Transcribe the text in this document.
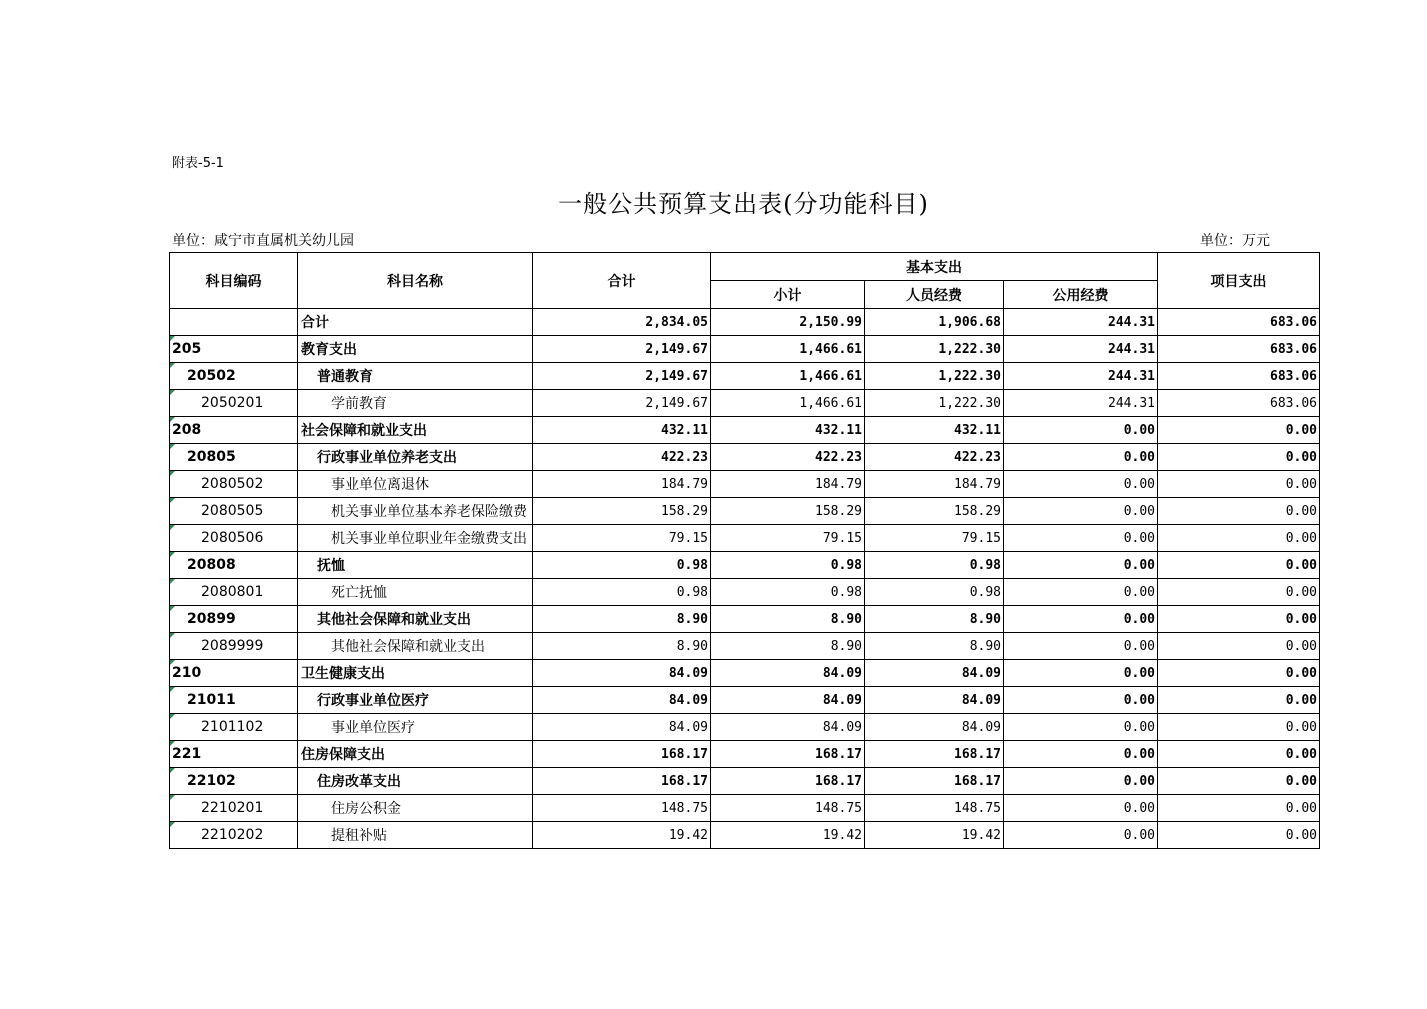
附表-5-1
一般公共预算支出表(分功能科目)
单位：咸宁市直属机关幼儿园	单位：万元
科目编码	科目名称	合计	基本支出			项目支出
			小计	人员经费	公用经费	
	合计	2,834.05	2,150.99	1,906.68	244.31	683.06
205	教育支出	2,149.67	1,466.61	1,222.30	244.31	683.06
20502	普通教育	2,149.67	1,466.61	1,222.30	244.31	683.06
2050201	学前教育	2,149.67	1,466.61	1,222.30	244.31	683.06
208	社会保障和就业支出	432.11	432.11	432.11	0.00	0.00
20805	行政事业单位养老支出	422.23	422.23	422.23	0.00	0.00
2080502	事业单位离退休	184.79	184.79	184.79	0.00	0.00
2080505	机关事业单位基本养老保险缴费	158.29	158.29	158.29	0.00	0.00
2080506	机关事业单位职业年金缴费支出	79.15	79.15	79.15	0.00	0.00
20808	抚恤	0.98	0.98	0.98	0.00	0.00
2080801	死亡抚恤	0.98	0.98	0.98	0.00	0.00
20899	其他社会保障和就业支出	8.90	8.90	8.90	0.00	0.00
2089999	其他社会保障和就业支出	8.90	8.90	8.90	0.00	0.00
210	卫生健康支出	84.09	84.09	84.09	0.00	0.00
21011	行政事业单位医疗	84.09	84.09	84.09	0.00	0.00
2101102	事业单位医疗	84.09	84.09	84.09	0.00	0.00
221	住房保障支出	168.17	168.17	168.17	0.00	0.00
22102	住房改革支出	168.17	168.17	168.17	0.00	0.00
2210201	住房公积金	148.75	148.75	148.75	0.00	0.00
2210202	提租补贴	19.42	19.42	19.42	0.00	0.00
